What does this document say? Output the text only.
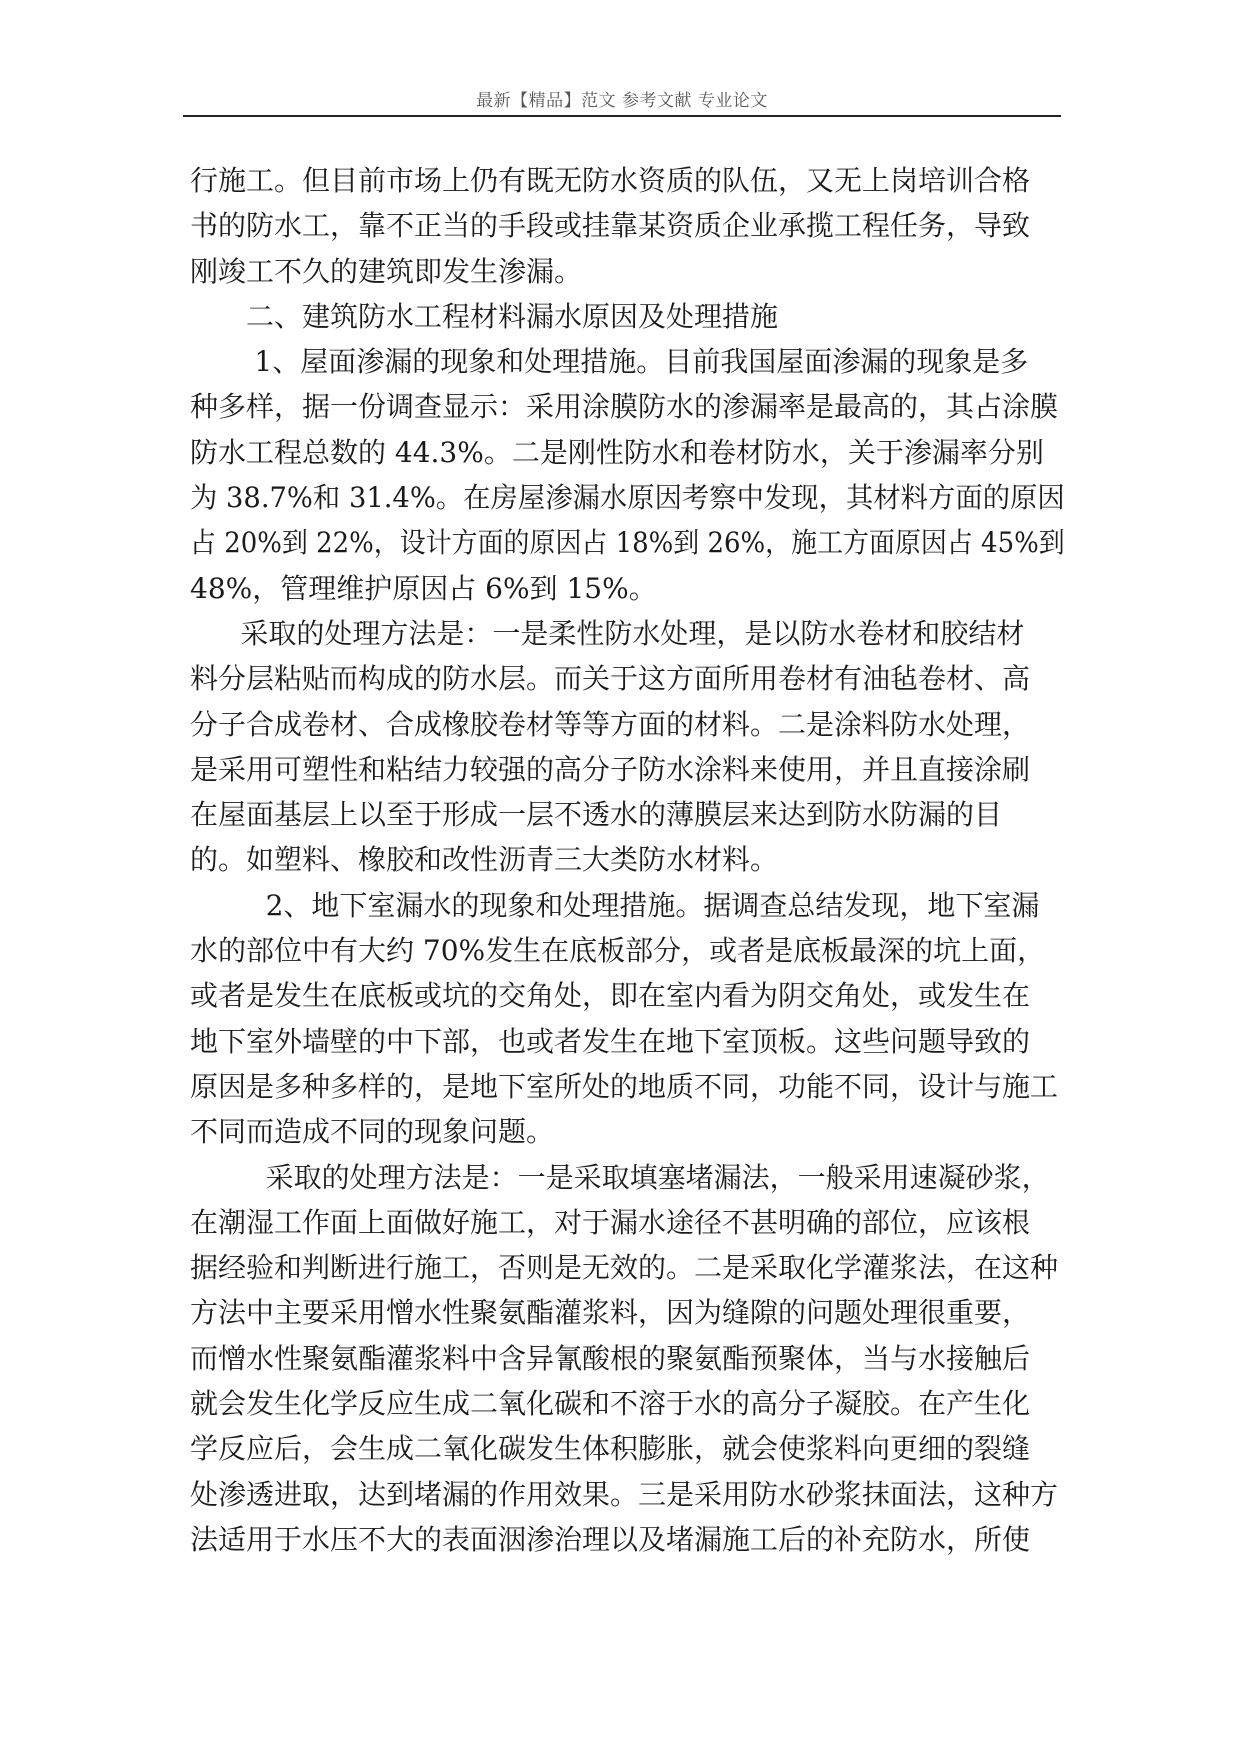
最新【精品】范文 参考文献 专业论文
行施工。但目前市场上仍有既无防水资质的队伍，又无上岗培训合格
书的防水工，靠不正当的手段或挂靠某资质企业承揽工程任务，导致
刚竣工不久的建筑即发生渗漏。
二、建筑防水工程材料漏水原因及处理措施
1、屋面渗漏的现象和处理措施。目前我国屋面渗漏的现象是多
种多样，据一份调查显示：采用涂膜防水的渗漏率是最高的，其占涂膜
防水工程总数的 44.3%。二是刚性防水和卷材防水，关于渗漏率分别
为 38.7%和 31.4%。在房屋渗漏水原因考察中发现，其材料方面的原因
占 20%到 22%，设计方面的原因占 18%到 26%，施工方面原因占 45%到
48%，管理维护原因占 6%到 15%。
采取的处理方法是：一是柔性防水处理，是以防水卷材和胶结材
料分层粘贴而构成的防水层。而关于这方面所用卷材有油毡卷材、高
分子合成卷材、合成橡胶卷材等等方面的材料。二是涂料防水处理，
是采用可塑性和粘结力较强的高分子防水涂料来使用，并且直接涂刷
在屋面基层上以至于形成一层不透水的薄膜层来达到防水防漏的目
的。如塑料、橡胶和改性沥青三大类防水材料。
2、地下室漏水的现象和处理措施。据调查总结发现，地下室漏
水的部位中有大约 70%发生在底板部分，或者是底板最深的坑上面，
或者是发生在底板或坑的交角处，即在室内看为阴交角处，或发生在
地下室外墙壁的中下部，也或者发生在地下室顶板。这些问题导致的
原因是多种多样的，是地下室所处的地质不同，功能不同，设计与施工
不同而造成不同的现象问题。
采取的处理方法是：一是采取填塞堵漏法，一般采用速凝砂浆，
在潮湿工作面上面做好施工，对于漏水途径不甚明确的部位，应该根
据经验和判断进行施工，否则是无效的。二是采取化学灌浆法，在这种
方法中主要采用憎水性聚氨酯灌浆料，因为缝隙的问题处理很重要，
而憎水性聚氨酯灌浆料中含异氰酸根的聚氨酯预聚体，当与水接触后
就会发生化学反应生成二氧化碳和不溶于水的高分子凝胶。在产生化
学反应后，会生成二氧化碳发生体积膨胀，就会使浆料向更细的裂缝
处渗透进取，达到堵漏的作用效果。三是采用防水砂浆抹面法，这种方
法适用于水压不大的表面洇渗治理以及堵漏施工后的补充防水，所使
